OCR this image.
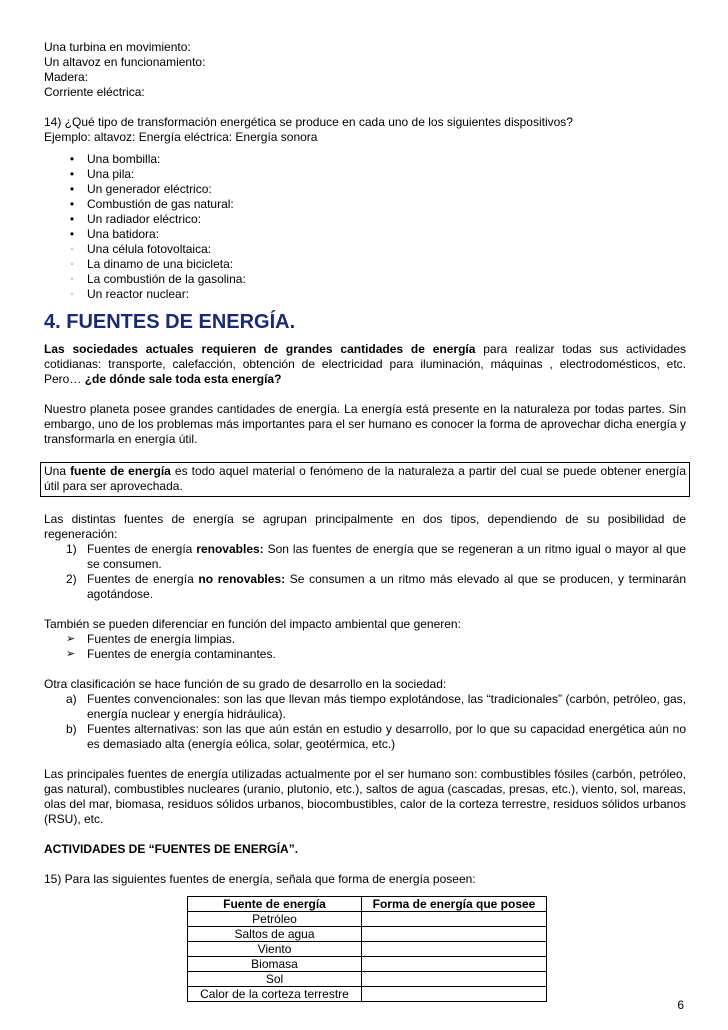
Una turbina en movimiento:

Un altavoz en funcionamiento:

Madera:

Corriente eléctrica:

14) ¿Qué tipo de transformación energética se produce en cada uno de los siguientes dispositivos?

Ejemplo: altavoz: Energía eléctrica: Energía sonora

•	Una bombilla:
•	Una pila:
•	Un generador eléctrico:
•	Combustión de gas natural:
•	Un radiador eléctrico:
•	Una batidora:
◦	Una célula fotovoltaica:
◦	La dinamo de una bicicleta:
◦	La combustión de la gasolina:
◦	Un reactor nuclear:
4. FUENTES DE ENERGÍA.

Las sociedades actuales requieren de grandes cantidades de energía para realizar todas sus actividades cotidianas: transporte, calefacción, obtención de electricidad para iluminación, máquinas , electrodomésticos, etc. Pero… ¿de dónde sale toda esta energía?

Nuestro planeta posee grandes cantidades de energía. La energía está presente en la naturaleza por todas partes. Sin embargo, uno de los problemas más importantes para el ser humano es conocer la forma de aprovechar dicha energía y transformarla en energía útil.

Una fuente de energía es todo aquel material o fenómeno de la naturaleza a partir del cual se puede obtener energía útil para ser aprovechada.

Las distintas fuentes de energía se agrupan principalmente en dos tipos, dependiendo de su posibilidad de regeneración:

1) Fuentes de energía renovables: Son las fuentes de energía que se regeneran a un ritmo igual o mayor al que se consumen.
2) Fuentes de energía no renovables: Se consumen a un ritmo más elevado al que se producen, y terminarán agotándose.

También se pueden diferenciar en función del impacto ambiental que generen:

➢ Fuentes de energía limpias.
➢ Fuentes de energía contaminantes.

Otra clasificación se hace función de su grado de desarrollo en la sociedad:

a) Fuentes convencionales: son las que llevan más tiempo explotándose, las “tradicionales” (carbón, petróleo, gas, energía nuclear y energía hidráulica).
b) Fuentes alternativas: son las que aún están en estudio y desarrollo, por lo que su capacidad energética aún no es demasiado alta (energía eólica, solar, geotérmica, etc.)

Las principales fuentes de energía utilizadas actualmente por el ser humano son: combustibles fósiles (carbón, petróleo, gas natural), combustibles nucleares (uranio, plutonio, etc.), saltos de agua (cascadas, presas, etc.), viento, sol, mareas, olas del mar, biomasa, residuos sólidos urbanos, biocombustibles, calor de la corteza terrestre, residuos sólidos urbanos (RSU), etc.

ACTIVIDADES DE “FUENTES DE ENERGÍA”.

15) Para las siguientes fuentes de energía, señala que forma de energía poseen:

Fuente de energía	Forma de energía que posee
Petróleo	
Saltos de agua	
Viento	
Biomasa	
Sol	
Calor de la corteza terrestre	
6
